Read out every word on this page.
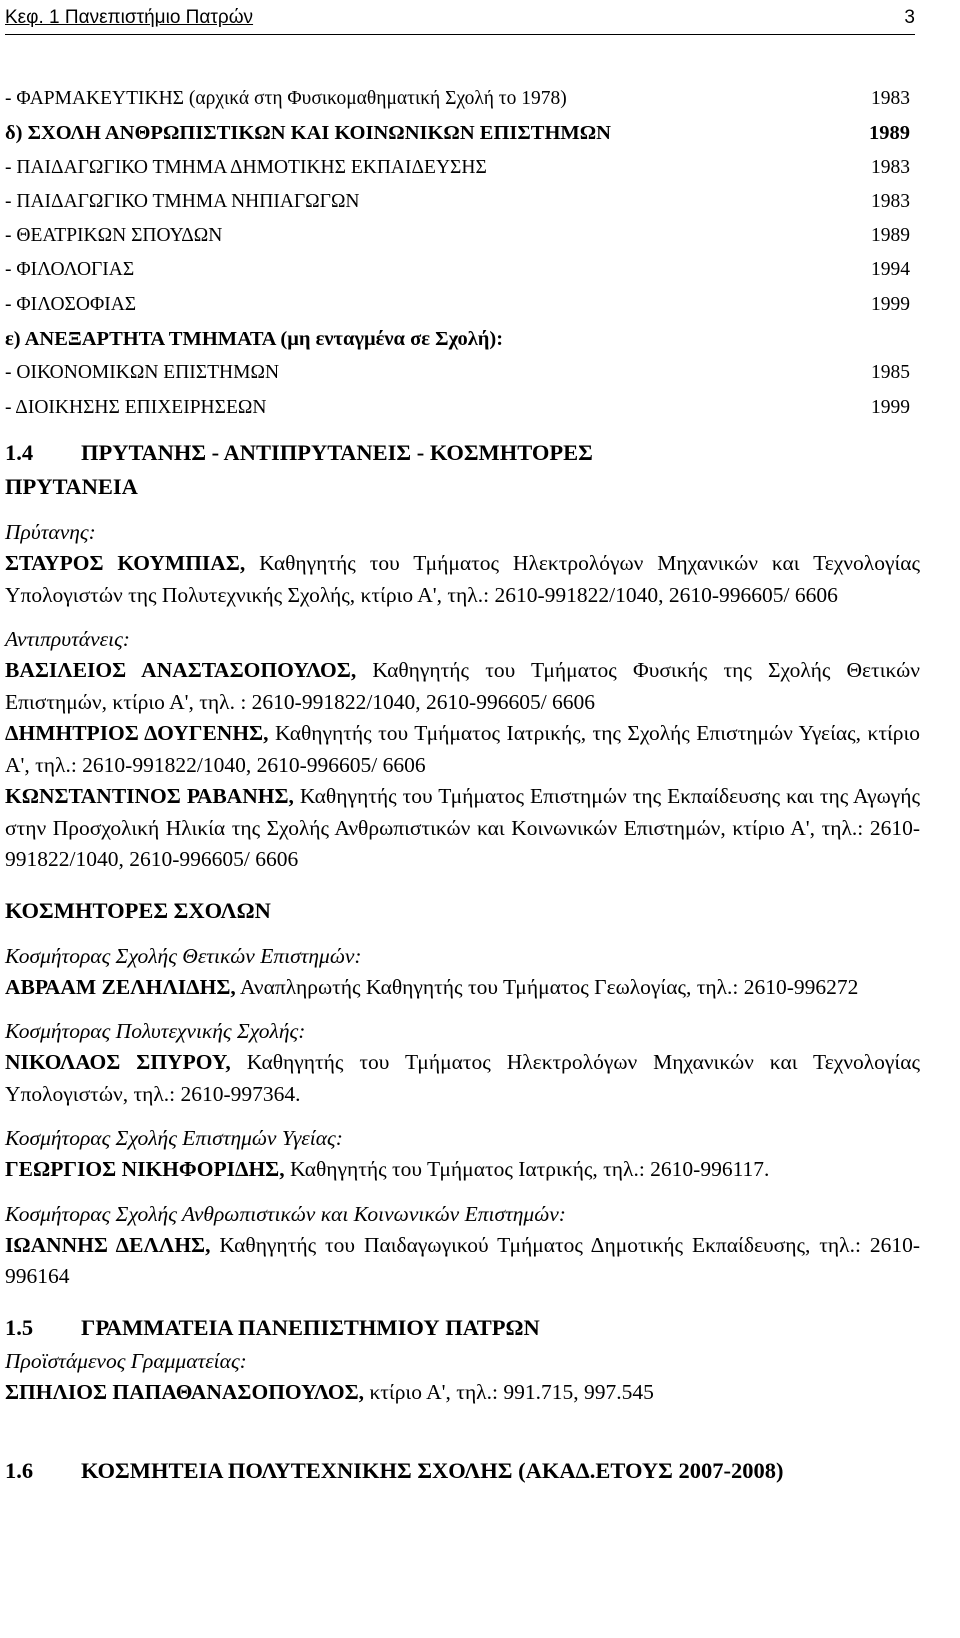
Κεφ. 1 Πανεπιστήμιο Πατρών	3
- ΦΑΡΜΑΚΕΥΤΙΚΗΣ (αρχικά στη Φυσικομαθηματική Σχολή το 1978)	1983
δ) ΣΧΟΛΗ ΑΝΘΡΩΠΙΣΤΙΚΩΝ ΚΑΙ ΚΟΙΝΩΝΙΚΩΝ ΕΠΙΣΤΗΜΩΝ	1989
- ΠΑΙΔΑΓΩΓΙΚΟ ΤΜΗΜΑ ΔΗΜΟΤΙΚΗΣ ΕΚΠΑΙΔΕΥΣΗΣ	1983
- ΠΑΙΔΑΓΩΓΙΚΟ ΤΜΗΜΑ ΝΗΠΙΑΓΩΓΩΝ	1983
- ΘΕΑΤΡΙΚΩΝ ΣΠΟΥΔΩΝ	1989
- ΦΙΛΟΛΟΓΙΑΣ	1994
- ΦΙΛΟΣΟΦΙΑΣ	1999
ε) ΑΝΕΞΑΡΤΗΤΑ ΤΜΗΜΑΤΑ (μη ενταγμένα σε Σχολή):
- ΟΙΚΟΝΟΜΙΚΩΝ ΕΠΙΣΤΗΜΩΝ	1985
- ΔΙΟΙΚΗΣΗΣ ΕΠΙΧΕΙΡΗΣΕΩΝ	1999
1.4	ΠΡΥΤΑΝΗΣ - ΑΝΤΙΠΡΥΤΑΝΕΙΣ - ΚΟΣΜΗΤΟΡΕΣ
ΠΡΥΤΑΝΕΙΑ
Πρύτανης:
ΣΤΑΥΡΟΣ ΚΟΥΜΠΙΑΣ, Καθηγητής του Τμήματος Ηλεκτρολόγων Μηχανικών και Τεχνολογίας Υπολογιστών της Πολυτεχνικής Σχολής, κτίριο Α', τηλ.: 2610-991822/1040, 2610-996605/ 6606
Αντιπρυτάνεις:
ΒΑΣΙΛΕΙΟΣ ΑΝΑΣΤΑΣΟΠΟΥΛΟΣ, Καθηγητής του Τμήματος Φυσικής της Σχολής Θετικών Επιστημών, κτίριο Α', τηλ. : 2610-991822/1040, 2610-996605/ 6606
ΔΗΜΗΤΡΙΟΣ ΔΟΥΓΕΝΗΣ, Καθηγητής του Τμήματος Ιατρικής, της Σχολής Επιστημών Υγείας, κτίριο Α', τηλ.: 2610-991822/1040, 2610-996605/ 6606
ΚΩΝΣΤΑΝΤΙΝΟΣ ΡΑΒΑΝΗΣ, Καθηγητής του Τμήματος Επιστημών της Εκπαίδευσης και της Αγωγής στην Προσχολική Ηλικία της Σχολής Ανθρωπιστικών και Κοινωνικών Επιστημών, κτίριο Α', τηλ.: 2610-991822/1040, 2610-996605/ 6606
ΚΟΣΜΗΤΟΡΕΣ ΣΧΟΛΩΝ
Κοσμήτορας Σχολής Θετικών Επιστημών:
ΑΒΡΑΑΜ ΖΕΛΗΛΙΔΗΣ, Αναπληρωτής Καθηγητής του Τμήματος Γεωλογίας, τηλ.: 2610-996272
Κοσμήτορας Πολυτεχνικής Σχολής:
ΝΙΚΟΛΑΟΣ ΣΠΥΡΟΥ, Καθηγητής του Τμήματος Ηλεκτρολόγων Μηχανικών και Τεχνολογίας Υπολογιστών, τηλ.: 2610-997364.
Κοσμήτορας Σχολής Επιστημών Υγείας:
ΓΕΩΡΓΙΟΣ ΝΙΚΗΦΟΡΙΔΗΣ, Καθηγητής του Τμήματος Ιατρικής, τηλ.: 2610-996117.
Κοσμήτορας Σχολής Ανθρωπιστικών και Κοινωνικών Επιστημών:
ΙΩΑΝΝΗΣ ΔΕΛΛΗΣ, Καθηγητής του Παιδαγωγικού Τμήματος Δημοτικής Εκπαίδευσης, τηλ.: 2610-996164
1.5	ΓΡΑΜΜΑΤΕΙΑ ΠΑΝΕΠΙΣΤΗΜΙΟΥ ΠΑΤΡΩΝ
Προϊστάμενος Γραμματείας:
ΣΠΗΛΙΟΣ ΠΑΠΑΘΑΝΑΣΟΠΟΥΛΟΣ, κτίριο Α', τηλ.: 991.715, 997.545
1.6	ΚΟΣΜΗΤΕΙΑ ΠΟΛΥΤΕΧΝΙΚΗΣ ΣΧΟΛΗΣ (ΑΚΑΔ.ΕΤΟΥΣ 2007-2008)
